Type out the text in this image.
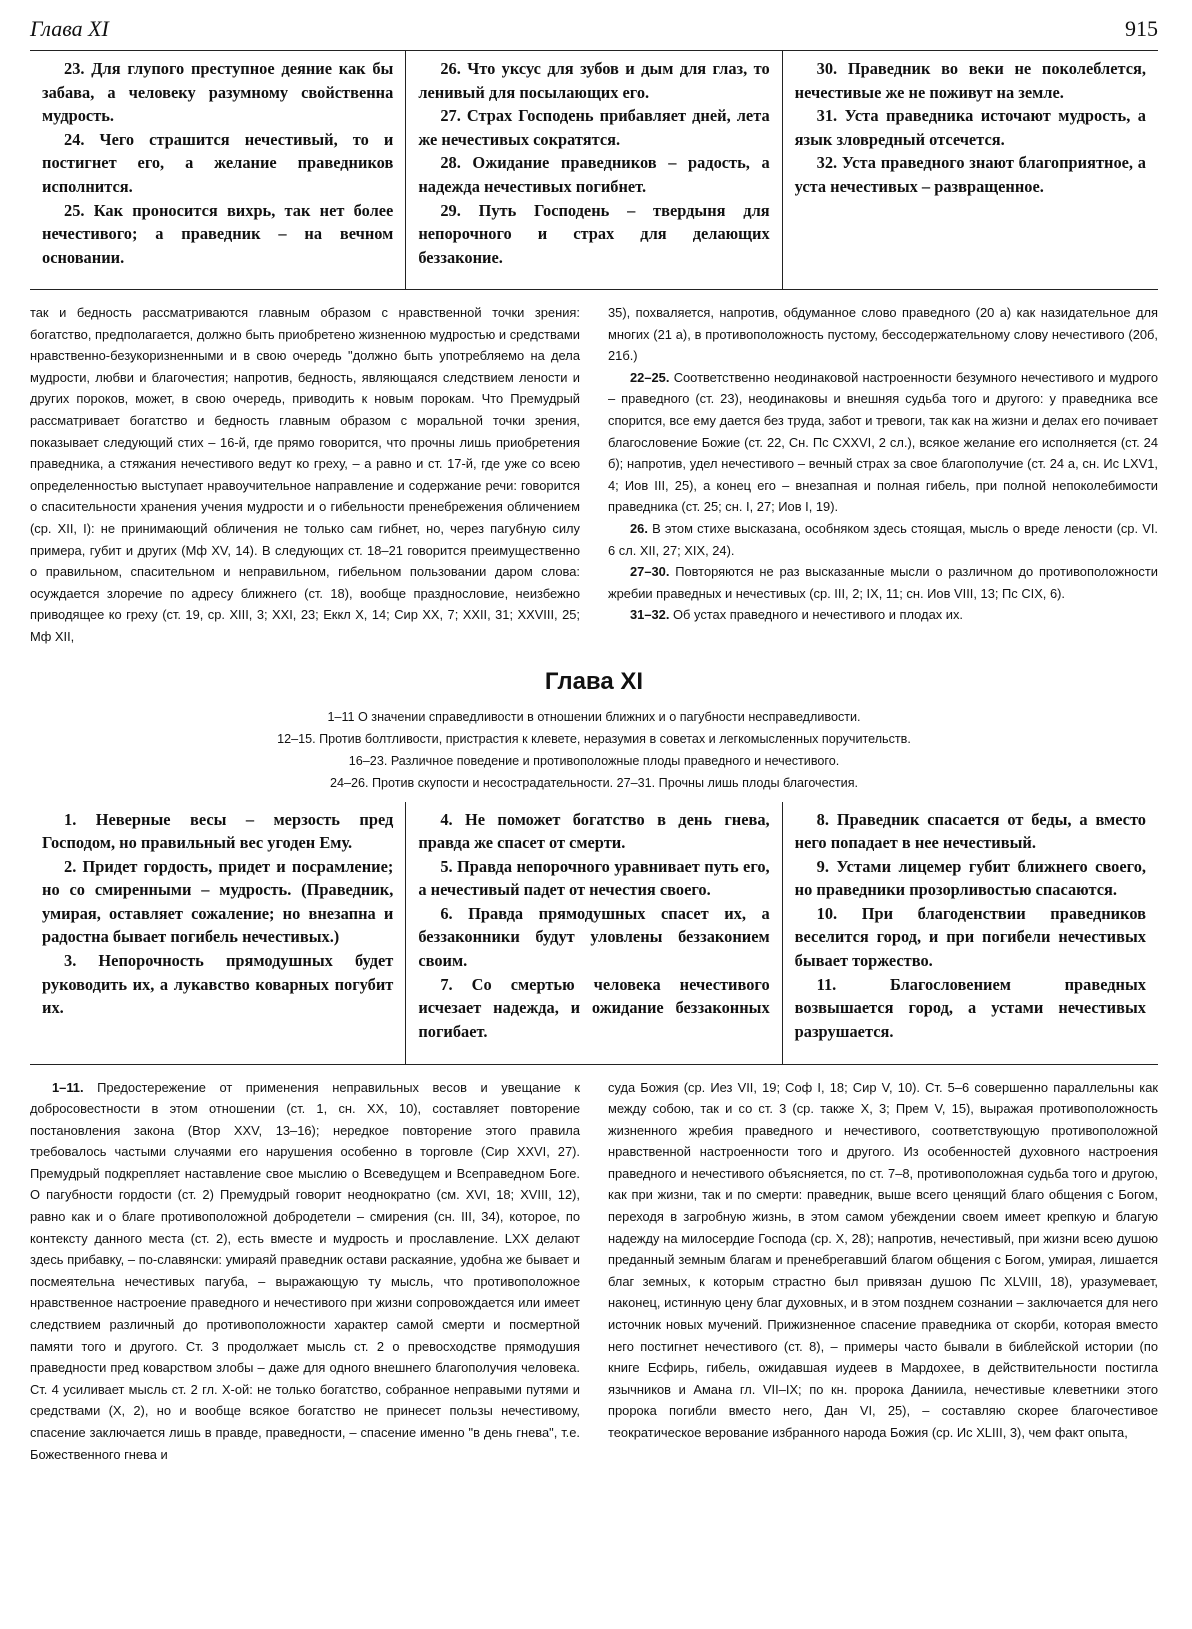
Глава XI	915

23. Для глупого преступное деяние как бы забава, а человеку разумному свойственна мудрость.

24. Чего страшится нечестивый, то и постигнет его, а желание праведников исполнится.

25. Как проносится вихрь, так нет более нечестивого; а праведник – на вечном основании.

26. Что уксус для зубов и дым для глаз, то ленивый для посылающих его.

27. Страх Господень прибавляет дней, лета же нечестивых сократятся.

28. Ожидание праведников – радость, а надежда нечестивых погибнет.

29. Путь Господень – твердыня для непорочного и страх для делающих беззаконие.

30. Праведник во веки не поколеблется, нечестивые же не поживут на земле.

31. Уста праведника источают мудрость, а язык зловредный отсечется.

32. Уста праведного знают благоприятное, а уста нечестивых – развращенное.

так и бедность рассматриваются главным образом с нравственной точки зрения: богатство, предполагается, должно быть приобретено жизненною мудростью и средствами нравственно-безукоризненными и в свою очередь "должно быть употребляемо на дела мудрости, любви и благочестия; напротив, бедность, являющаяся следствием лености и других пороков, может, в свою очередь, приводить к новым порокам. Что Премудрый рассматривает богатство и бедность главным образом с моральной точки зрения, показывает следующий стих – 16-й, где прямо говорится, что прочны лишь приобретения праведника, а стяжания нечестивого ведут ко греху, – а равно и ст. 17-й, где уже со всею определенностью выступает нравоучительное направление и содержание речи: говорится о спасительности хранения учения мудрости и о гибельности пренебрежения обличением (ср. XII, I): не принимающий обличения не только сам гибнет, но, через пагубную силу примера, губит и других (Мф XV, 14). В следующих ст. 18–21 говорится преимущественно о правильном, спасительном и неправильном, гибельном пользовании даром слова: осуждается злоречие по адресу ближнего (ст. 18), вообще празднословие, неизбежно приводящее ко греху (ст. 19, ср. XIII, 3; XXI, 23; Еккл X, 14; Сир XX, 7; XXII, 31; XXVIII, 25; Мф XII,

35), похваляется, напротив, обдуманное слово праведного (20 а) как назидательное для многих (21 а), в противоположность пустому, бессодержательному слову нечестивого (20б, 21б.)

22–25. Соответственно неодинаковой настроенности безумного нечестивого и мудрого – праведного (ст. 23), неодинаковы и внешняя судьба того и другого: у праведника все спорится, все ему дается без труда, забот и тревоги, так как на жизни и делах его почивает благословение Божие (ст. 22, Сн. Пс CXXVI, 2 сл.), всякое желание его исполняется (ст. 24 б); напротив, удел нечестивого – вечный страх за свое благополучие (ст. 24 а, сн. Ис LXV1, 4; Иов III, 25), а конец его – внезапная и полная гибель, при полной непоколебимости праведника (ст. 25; сн. I, 27; Иов I, 19).

26. В этом стихе высказана, особняком здесь стоящая, мысль о вреде лености (ср. VI. 6 сл. XII, 27; XIX, 24).

27–30. Повторяются не раз высказанные мысли о различном до противоположности жребии праведных и нечестивых (ср. III, 2; IX, 11; сн. Иов VIII, 13; Пс CIX, 6).

31–32. Об устах праведного и нечестивого и плодах их.

Глава XI
1–11 О значении справедливости в отношении ближних и о пагубности несправедливости.
12–15. Против болтливости, пристрастия к клевете, неразумия в советах и легкомысленных поручительств.
16–23. Различное поведение и противоположные плоды праведного и нечестивого.
24–26. Против скупости и несострадательности. 27–31. Прочны лишь плоды благочестия.

1. Неверные весы – мерзость пред Господом, но правильный вес угоден Ему.

2. Придет гордость, придет и посрамление; но со смиренными – мудрость. (Праведник, умирая, оставляет сожаление; но внезапна и радостна бывает погибель нечестивых.)

3. Непорочность прямодушных будет руководить их, а лукавство коварных погубит их.

4. Не поможет богатство в день гнева, правда же спасет от смерти.

5. Правда непорочного уравнивает путь его, а нечестивый падет от нечестия своего.

6. Правда прямодушных спасет их, а беззаконники будут уловлены беззаконием своим.

7. Со смертью человека нечестивого исчезает надежда, и ожидание беззаконных погибает.

8. Праведник спасается от беды, а вместо него попадает в нее нечестивый.

9. Устами лицемер губит ближнего своего, но праведники прозорливостью спасаются.

10. При благоденствии праведников веселится город, и при погибели нечестивых бывает торжество.

11. Благословением праведных возвышается город, а устами нечестивых разрушается.

1–11. Предостережение от применения неправильных весов и увещание к добросовестности в этом отношении (ст. 1, сн. XX, 10), составляет повторение постановления закона (Втор XXV, 13–16); нередкое повторение этого правила требовалось частыми случаями его нарушения особенно в торговле (Сир XXVI, 27). Премудрый подкрепляет наставление свое мыслию о Всеведущем и Всеправедном Боге. О пагубности гордости (ст. 2) Премудрый говорит неоднократно (см. XVI, 18; XVIII, 12), равно как и о благе противоположной добродетели – смирения (сн. III, 34), которое, по контексту данного места (ст. 2), есть вместе и мудрость и прославление. LXX делают здесь прибавку, – по-славянски: умираяй праведник остави раскаяние, удобна же бывает и посмеятельна нечестивых пагуба, – выражающую ту мысль, что противоположное нравственное настроение праведного и нечестивого при жизни сопровождается или имеет следствием различный до противоположности характер самой смерти и посмертной памяти того и другого. Ст. 3 продолжает мысль ст. 2 о превосходстве прямодушия праведности пред коварством злобы – даже для одного внешнего благополучия человека. Ст. 4 усиливает мысль ст. 2 гл. X-ой: не только богатство, собранное неправыми путями и средствами (X, 2), но и вообще всякое богатство не принесет пользы нечестивому, спасение заключается лишь в правде, праведности, – спасение именно "в день гнева", т.е. Божественного гнева и

суда Божия (ср. Иез VII, 19; Соф I, 18; Сир V, 10). Ст. 5–6 совершенно параллельны как между собою, так и со ст. 3 (ср. также X, 3; Прем V, 15), выражая противоположность жизненного жребия праведного и нечестивого, соответствующую противоположной нравственной настроенности того и другого. Из особенностей духовного настроения праведного и нечестивого объясняется, по ст. 7–8, противоположная судьба того и другою, как при жизни, так и по смерти: праведник, выше всего ценящий благо общения с Богом, переходя в загробную жизнь, в этом самом убеждении своем имеет крепкую и благую надежду на милосердие Господа (ср. X, 28); напротив, нечестивый, при жизни всею душою преданный земным благам и пренебрегавший благом общения с Богом, умирая, лишается благ земных, к которым страстно был привязан душою Пс XLVIII, 18), уразумевает, наконец, истинную цену благ духовных, и в этом позднем сознании – заключается для него источник новых мучений. Прижизненное спасение праведника от скорби, которая вместо него постигнет нечестивого (ст. 8), – примеры часто бывали в библейской истории (по книге Есфирь, гибель, ожидавшая иудеев в Мардохее, в действительности постигла язычников и Амана гл. VII–IX; по кн. пророка Даниила, нечестивые клеветники этого пророка погибли вместо него, Дан VI, 25), – составляю скорее благочестивое теократическое верование избранного народа Божия (ср. Ис XLIII, 3), чем факт опыта,
